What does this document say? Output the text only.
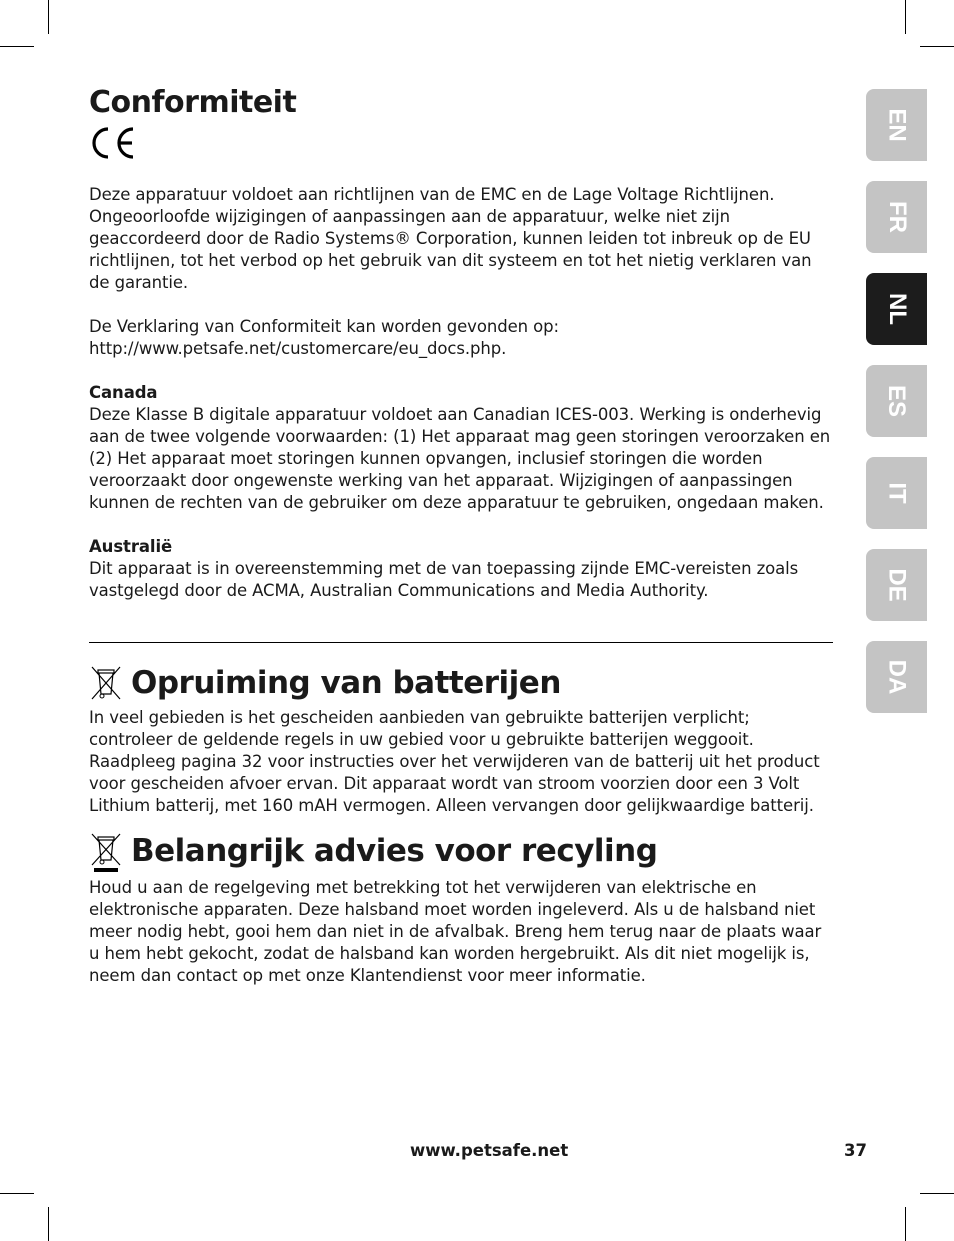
Conformiteit

Deze apparatuur voldoet aan richtlijnen van de EMC en de Lage Voltage Richtlijnen. Ongeoorloofde wijzigingen of aanpassingen aan de apparatuur, welke niet zijn geaccordeerd door de Radio Systems® Corporation, kunnen leiden tot inbreuk op de EU richtlijnen, tot het verbod op het gebruik van dit systeem en tot het nietig verklaren van de garantie.

De Verklaring van Conformiteit kan worden gevonden op:

http://www.petsafe.net/customercare/eu_docs.php.

Canada

Deze Klasse B digitale apparatuur voldoet aan Canadian ICES-003. Werking is onderhevig aan de twee volgende voorwaarden: (1) Het apparaat mag geen storingen veroorzaken en (2) Het apparaat moet storingen kunnen opvangen, inclusief storingen die worden veroorzaakt door ongewenste werking van het apparaat. Wijzigingen of aanpassingen kunnen de rechten van de gebruiker om deze apparatuur te gebruiken, ongedaan maken.

Australië

Dit apparaat is in overeenstemming met de van toepassing zijnde EMC-vereisten zoals vastgelegd door de ACMA, Australian Communications and Media Authority.

Opruiming van batterijen

In veel gebieden is het gescheiden aanbieden van gebruikte batterijen verplicht; controleer de geldende regels in uw gebied voor u gebruikte batterijen weggooit. Raadpleeg pagina 32 voor instructies over het verwijderen van de batterij uit het product voor gescheiden afvoer ervan. Dit apparaat wordt van stroom voorzien door een 3 Volt Lithium batterij, met 160 mAH vermogen. Alleen vervangen door gelijkwaardige batterij.

Belangrijk advies voor recyling

Houd u aan de regelgeving met betrekking tot het verwijderen van elektrische en elektronische apparaten. Deze halsband moet worden ingeleverd. Als u de halsband niet meer nodig hebt, gooi hem dan niet in de afvalbak. Breng hem terug naar de plaats waar u hem hebt gekocht, zodat de halsband kan worden hergebruikt. Als dit niet mogelijk is, neem dan contact op met onze Klantendienst voor meer informatie.

EN
FR
NL
ES
IT
DE
DA
www.petsafe.net	37
